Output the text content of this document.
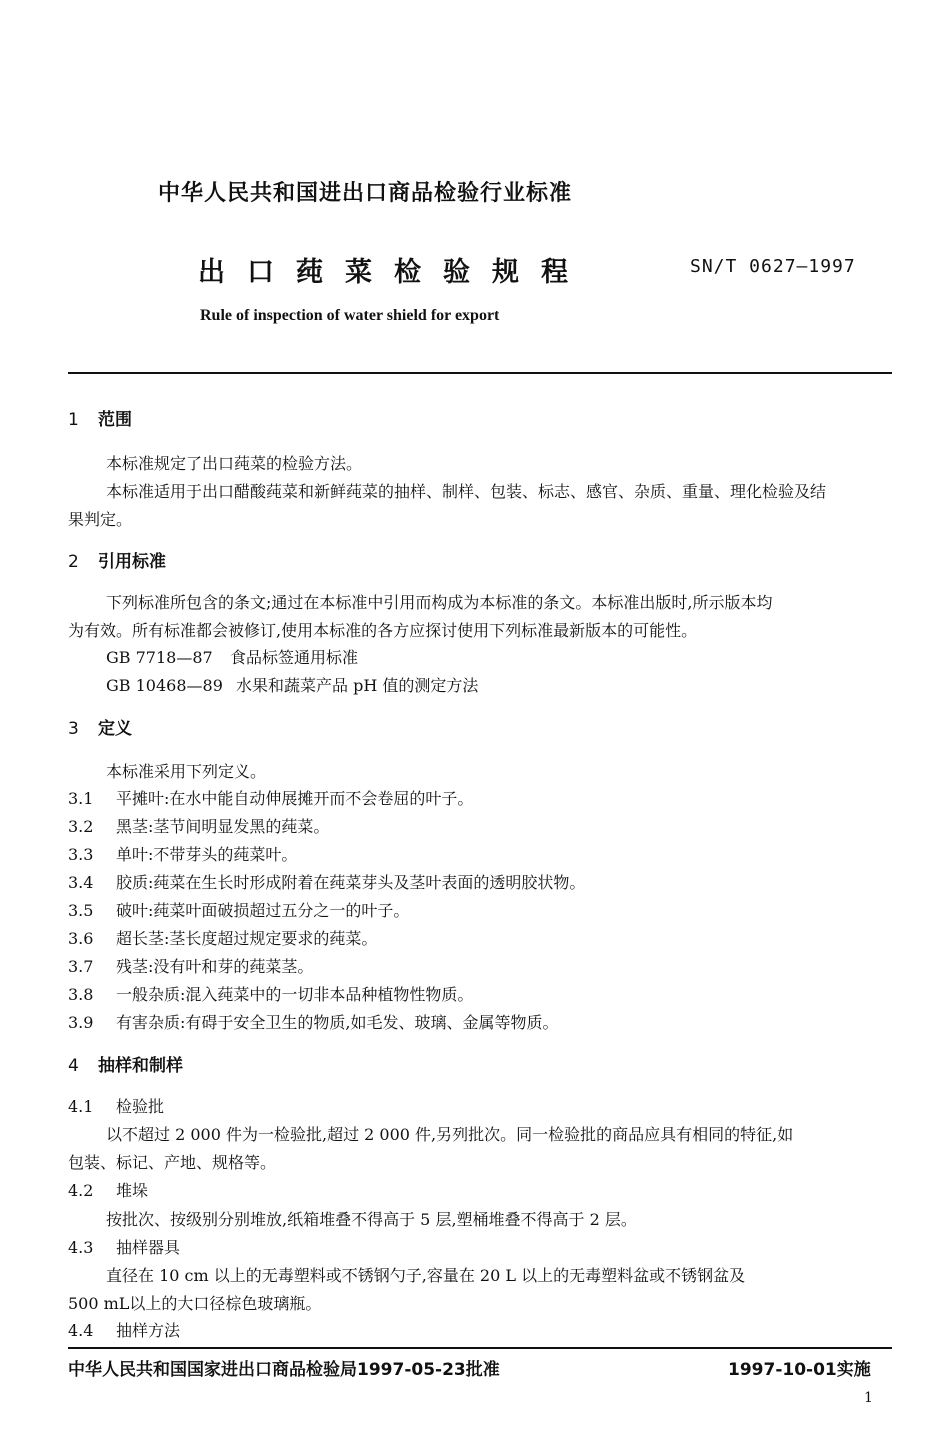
中华人民共和国进出口商品检验行业标准
出口莼菜检验规程	SN/T 0627—1997
Rule of inspection of water shield for export
1 范围
本标准规定了出口莼菜的检验方法。
本标准适用于出口醋酸莼菜和新鲜莼菜的抽样、制样、包装、标志、感官、杂质、重量、理化检验及结
果判定。
2 引用标准
下列标准所包含的条文;通过在本标准中引用而构成为本标准的条文。本标准出版时,所示版本均
为有效。所有标准都会被修订,使用本标准的各方应探讨使用下列标准最新版本的可能性。
GB 7718—87 食品标签通用标准
GB 10468—89 水果和蔬菜产品 pH 值的测定方法
3 定义
本标准采用下列定义。
3.1 平摊叶:在水中能自动伸展摊开而不会卷屈的叶子。
3.2 黑茎:茎节间明显发黑的莼菜。
3.3 单叶:不带芽头的莼菜叶。
3.4 胶质:莼菜在生长时形成附着在莼菜芽头及茎叶表面的透明胶状物。
3.5 破叶:莼菜叶面破损超过五分之一的叶子。
3.6 超长茎:茎长度超过规定要求的莼菜。
3.7 残茎:没有叶和芽的莼菜茎。
3.8 一般杂质:混入莼菜中的一切非本品种植物性物质。
3.9 有害杂质:有碍于安全卫生的物质,如毛发、玻璃、金属等物质。
4 抽样和制样
4.1 检验批
以不超过 2 000 件为一检验批,超过 2 000 件,另列批次。同一检验批的商品应具有相同的特征,如
包装、标记、产地、规格等。
4.2 堆垛
按批次、按级别分别堆放,纸箱堆叠不得高于 5 层,塑桶堆叠不得高于 2 层。
4.3 抽样器具
直径在 10 cm 以上的无毒塑料或不锈钢勺子,容量在 20 L 以上的无毒塑料盆或不锈钢盆及
500 mL以上的大口径棕色玻璃瓶。
4.4 抽样方法
中华人民共和国国家进出口商品检验局1997-05-23批准	1997-10-01实施
1
